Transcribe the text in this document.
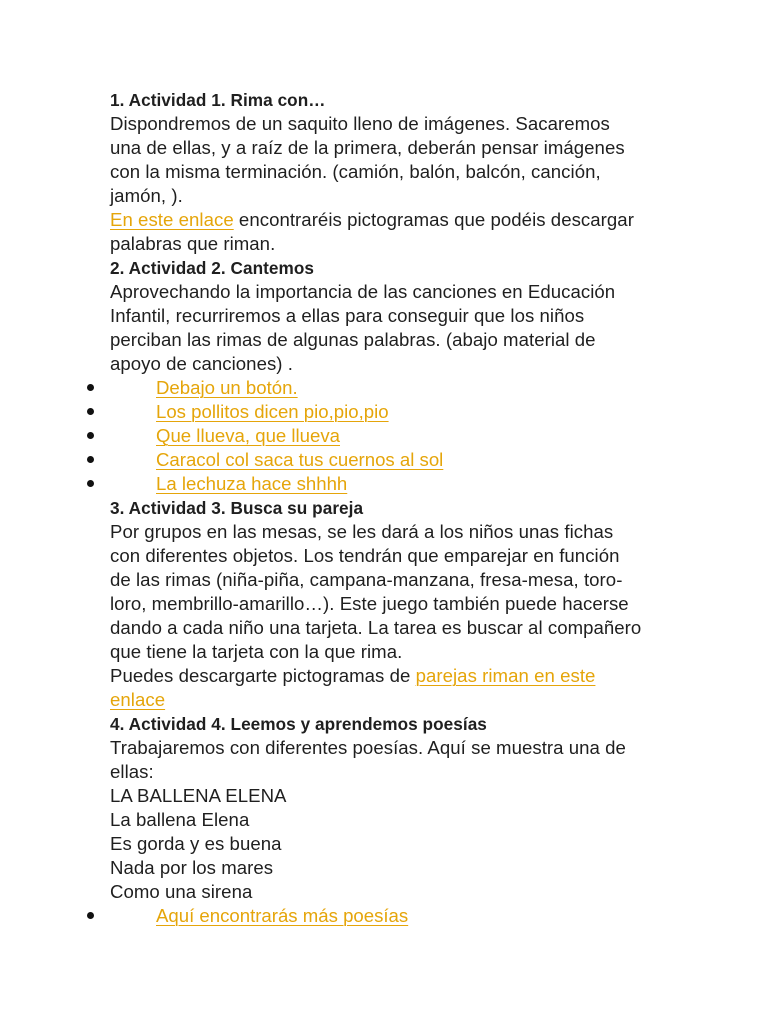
1. Actividad 1. Rima con…
Dispondremos de un saquito lleno de imágenes. Sacaremos
una de ellas, y a raíz de la primera, deberán pensar imágenes
con la misma terminación. (camión, balón, balcón, canción,
jamón, ).
En este enlace encontraréis pictogramas que podéis descargar
palabras que riman.
2. Actividad 2. Cantemos
Aprovechando la importancia de las canciones en Educación
Infantil, recurriremos a ellas para conseguir que los niños
perciban las rimas de algunas palabras. (abajo material de
apoyo de canciones) .
Debajo un botón.
Los pollitos dicen pio,pio,pio
Que llueva, que llueva
Caracol col saca tus cuernos al sol
La lechuza hace shhhh
3. Actividad 3. Busca su pareja
Por grupos en las mesas, se les dará a los niños unas fichas
con diferentes objetos. Los tendrán que emparejar en función
de las rimas (niña-piña, campana-manzana, fresa-mesa, toro-
loro, membrillo-amarillo…). Este juego también puede hacerse
dando a cada niño una tarjeta. La tarea es buscar al compañero
que tiene la tarjeta con la que rima.
Puedes descargarte pictogramas de parejas riman en este
enlace
4. Actividad 4. Leemos y aprendemos poesías
Trabajaremos con diferentes poesías. Aquí se muestra una de
ellas:
LA BALLENA ELENA
La ballena Elena
Es gorda y es buena
Nada por los mares
Como una sirena
Aquí encontrarás más poesías
